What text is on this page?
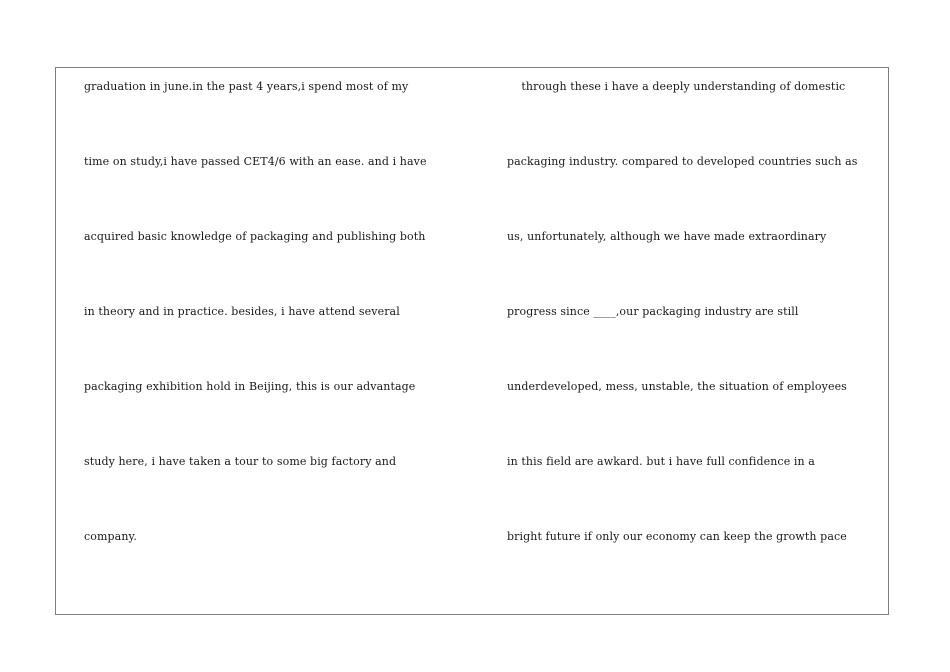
graduation in june.in the past 4 years,i spend most of my
time on study,i have passed CET4/6 with an ease. and i have
acquired basic knowledge of packaging and publishing both
in theory and in practice. besides, i have attend several
packaging exhibition hold in Beijing, this is our advantage
study here, i have taken a tour to some big factory and
company.
through these i have a deeply understanding of domestic
packaging industry. compared to developed countries such as
us, unfortunately, although we have made extraordinary
progress since ____,our packaging industry are still
underdeveloped, mess, unstable, the situation of employees
in this field are awkard. but i have full confidence in a
bright future if only our economy can keep the growth pace
